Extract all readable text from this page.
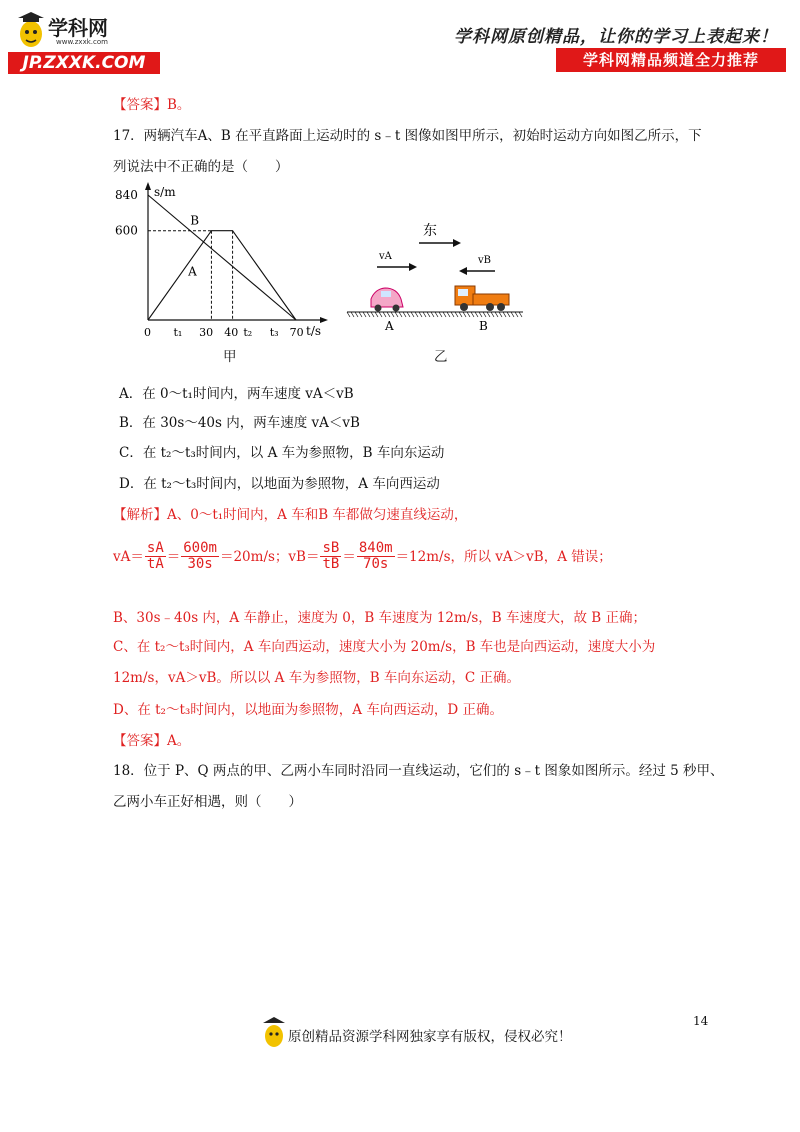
学科网
www.zxxk.com
JP.ZXXK.COM
学科网原创精品，让你的学习上表起来！
学科网精品频道全力推荐
【答案】B。
17．两辆汽车A、B 在平直路面上运动时的 s﹣t 图像如图甲所示，初始时运动方向如图乙所示，下
列说法中不正确的是（　　）
s/m
t/s
840
600
0 t₁ 30 40 t₂ t₃ 70
A
B
甲
东
vA	vB
A	B
乙
A．在 0～t₁时间内，两车速度 vA＜vB
B．在 30s～40s 内，两车速度 vA＜vB
C．在 t₂～t₃时间内，以 A 车为参照物，B 车向东运动
D．在 t₂～t₃时间内，以地面为参照物，A 车向西运动
【解析】A、0～t₁时间内，A 车和B 车都做匀速直线运动，
$vA= \frac{sA}{tA} = \frac{600m}{30s} =20m/s$；$vB= \frac{sB}{tB} = \frac{840m}{70s} =12m/s$，所以 vA＞vB，A 错误；
B、30s﹣40s 内，A 车静止，速度为 0，B 车速度为 12m/s，B 车速度大，故 B 正确；
C、在 t₂～t₃时间内，A 车向西运动，速度大小为 20m/s，B 车也是向西运动，速度大小为
12m/s，vA＞vB。所以以 A 车为参照物，B 车向东运动，C 正确。
D、在 t₂～t₃时间内，以地面为参照物，A 车向西运动，D 正确。
【答案】A。
18．位于 P、Q 两点的甲、乙两小车同时沿同一直线运动，它们的 s﹣t 图象如图所示。经过 5 秒甲、
乙两小车正好相遇，则（　　）
14
原创精品资源学科网独家享有版权，侵权必究！
